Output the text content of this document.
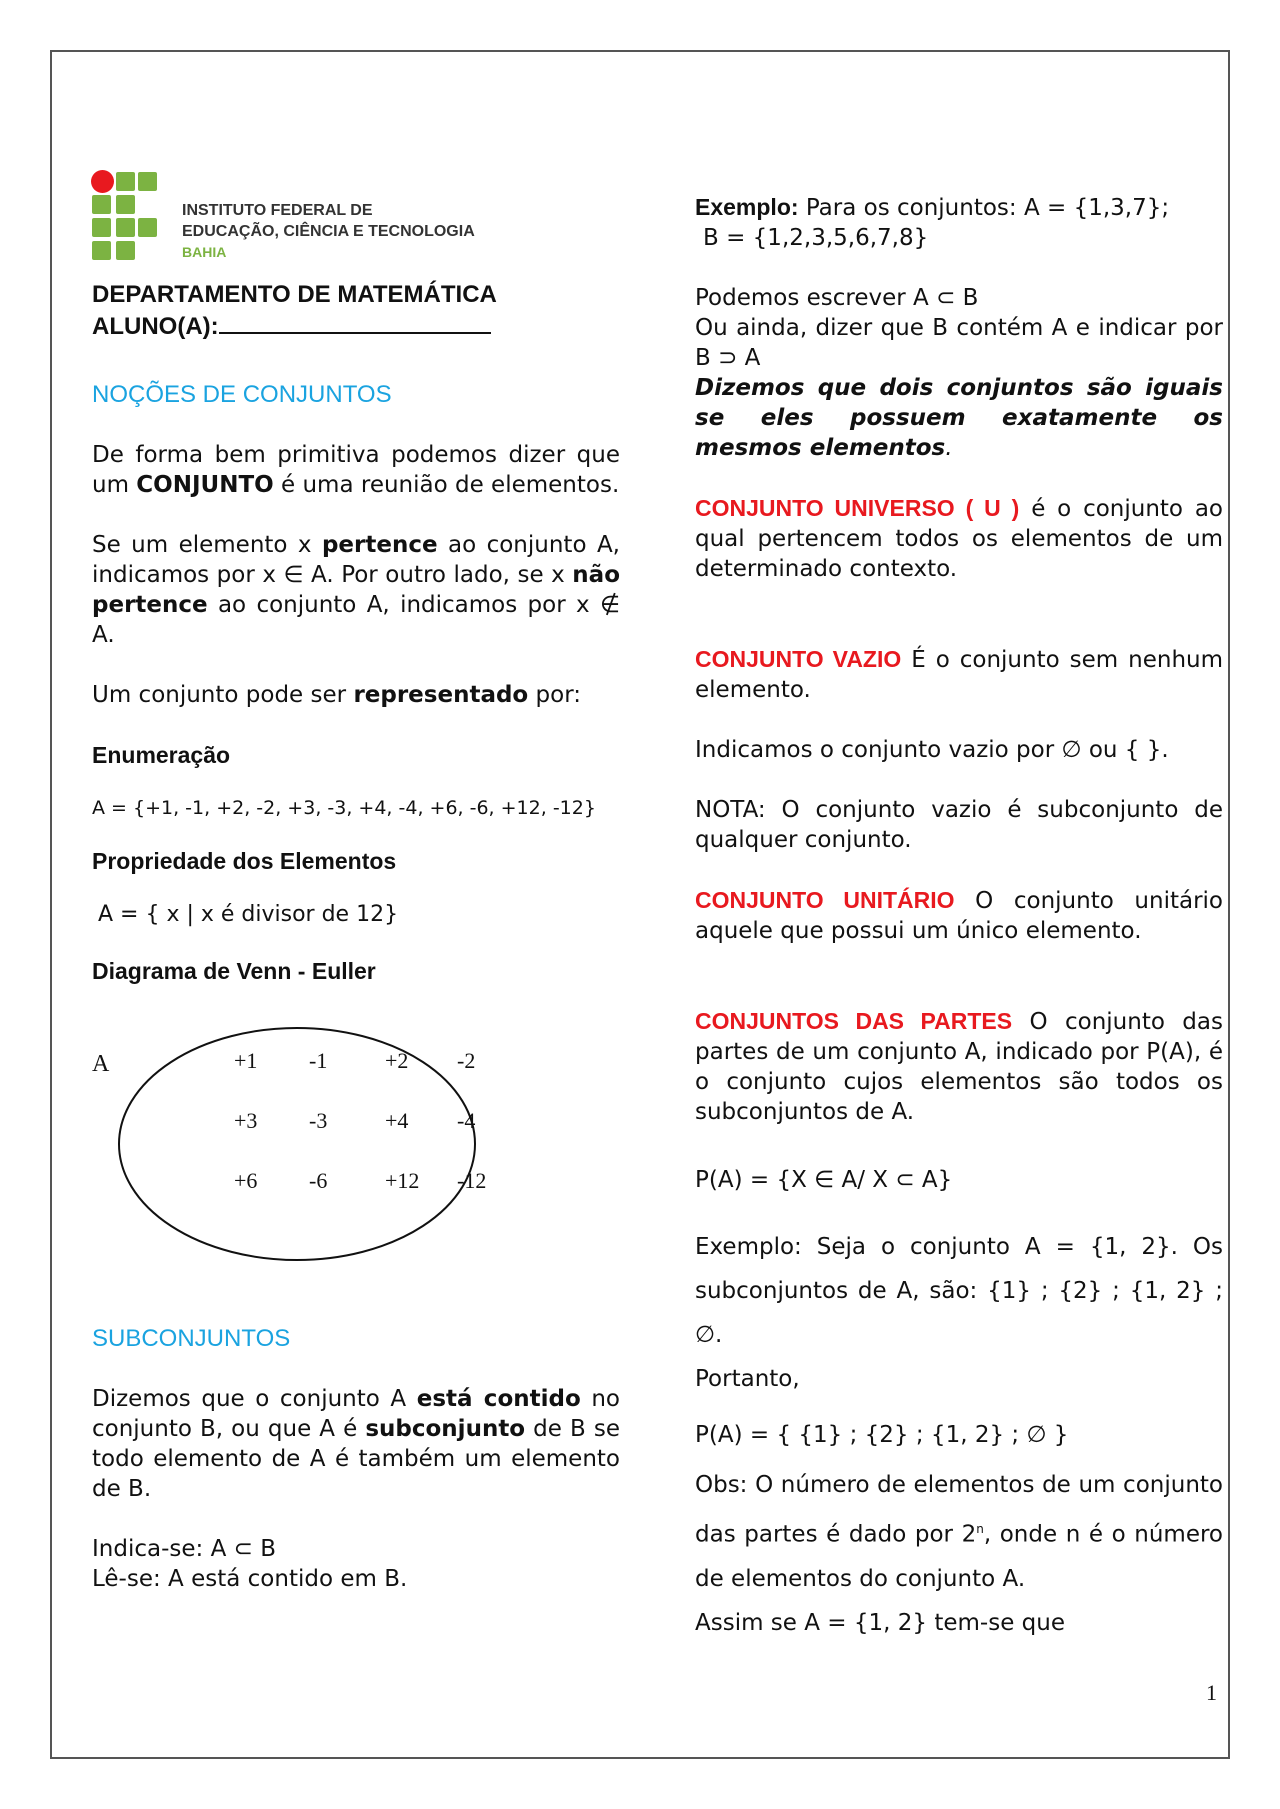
INSTITUTO FEDERAL DE
EDUCAÇÃO, CIÊNCIA E TECNOLOGIA
BAHIA

DEPARTAMENTO DE MATEMÁTICA

ALUNO(A):

NOÇÕES DE CONJUNTOS

De forma bem primitiva podemos dizer que um CONJUNTO é uma reunião de elementos.

Se um elemento x pertence ao conjunto A, indicamos por x ∈ A. Por outro lado, se x não pertence ao conjunto A, indicamos por x ∉ A.

Um conjunto pode ser representado por:

Enumeração

A = {+1, -1, +2, -2, +3, -3, +4, -4, +6, -6, +12, -12}

Propriedade dos Elementos

A = { x | x é divisor de 12}

Diagrama de Venn - Euller

A	+1 -1	+2 -2
+3 -3	+4 -4
+6 -6	+12 -12

SUBCONJUNTOS

Dizemos que o conjunto A está contido no conjunto B, ou que A é subconjunto de B se todo elemento de A é também um elemento de B.

Indica-se: A ⊂ B

Lê-se: A está contido em B.

Exemplo: Para os conjuntos: A = {1,3,7};

B = {1,2,3,5,6,7,8}

Podemos escrever A ⊂ B

Ou ainda, dizer que B contém A e indicar por B ⊃ A

Dizemos que dois conjuntos são iguais se eles possuem exatamente os mesmos elementos.

CONJUNTO UNIVERSO ( U ) é o conjunto ao qual pertencem todos os elementos de um determinado contexto.

CONJUNTO VAZIO É o conjunto sem nenhum elemento.

Indicamos o conjunto vazio por ∅ ou { }.

NOTA: O conjunto vazio é subconjunto de qualquer conjunto.

CONJUNTO UNITÁRIO O conjunto unitário aquele que possui um único elemento.

CONJUNTOS DAS PARTES O conjunto das partes de um conjunto A, indicado por P(A), é o conjunto cujos elementos são todos os subconjuntos de A.

P(A) = {X ∈ A/ X ⊂ A}

Exemplo: Seja o conjunto A = {1, 2}. Os subconjuntos de A, são: {1} ; {2} ; {1, 2} ; ∅.

Portanto,

P(A) = { {1} ; {2} ; {1, 2} ; ∅ }

Obs: O número de elementos de um conjunto das partes é dado por 2$^n$, onde n é o número de elementos do conjunto A.

Assim se A = {1, 2} tem-se que

1
